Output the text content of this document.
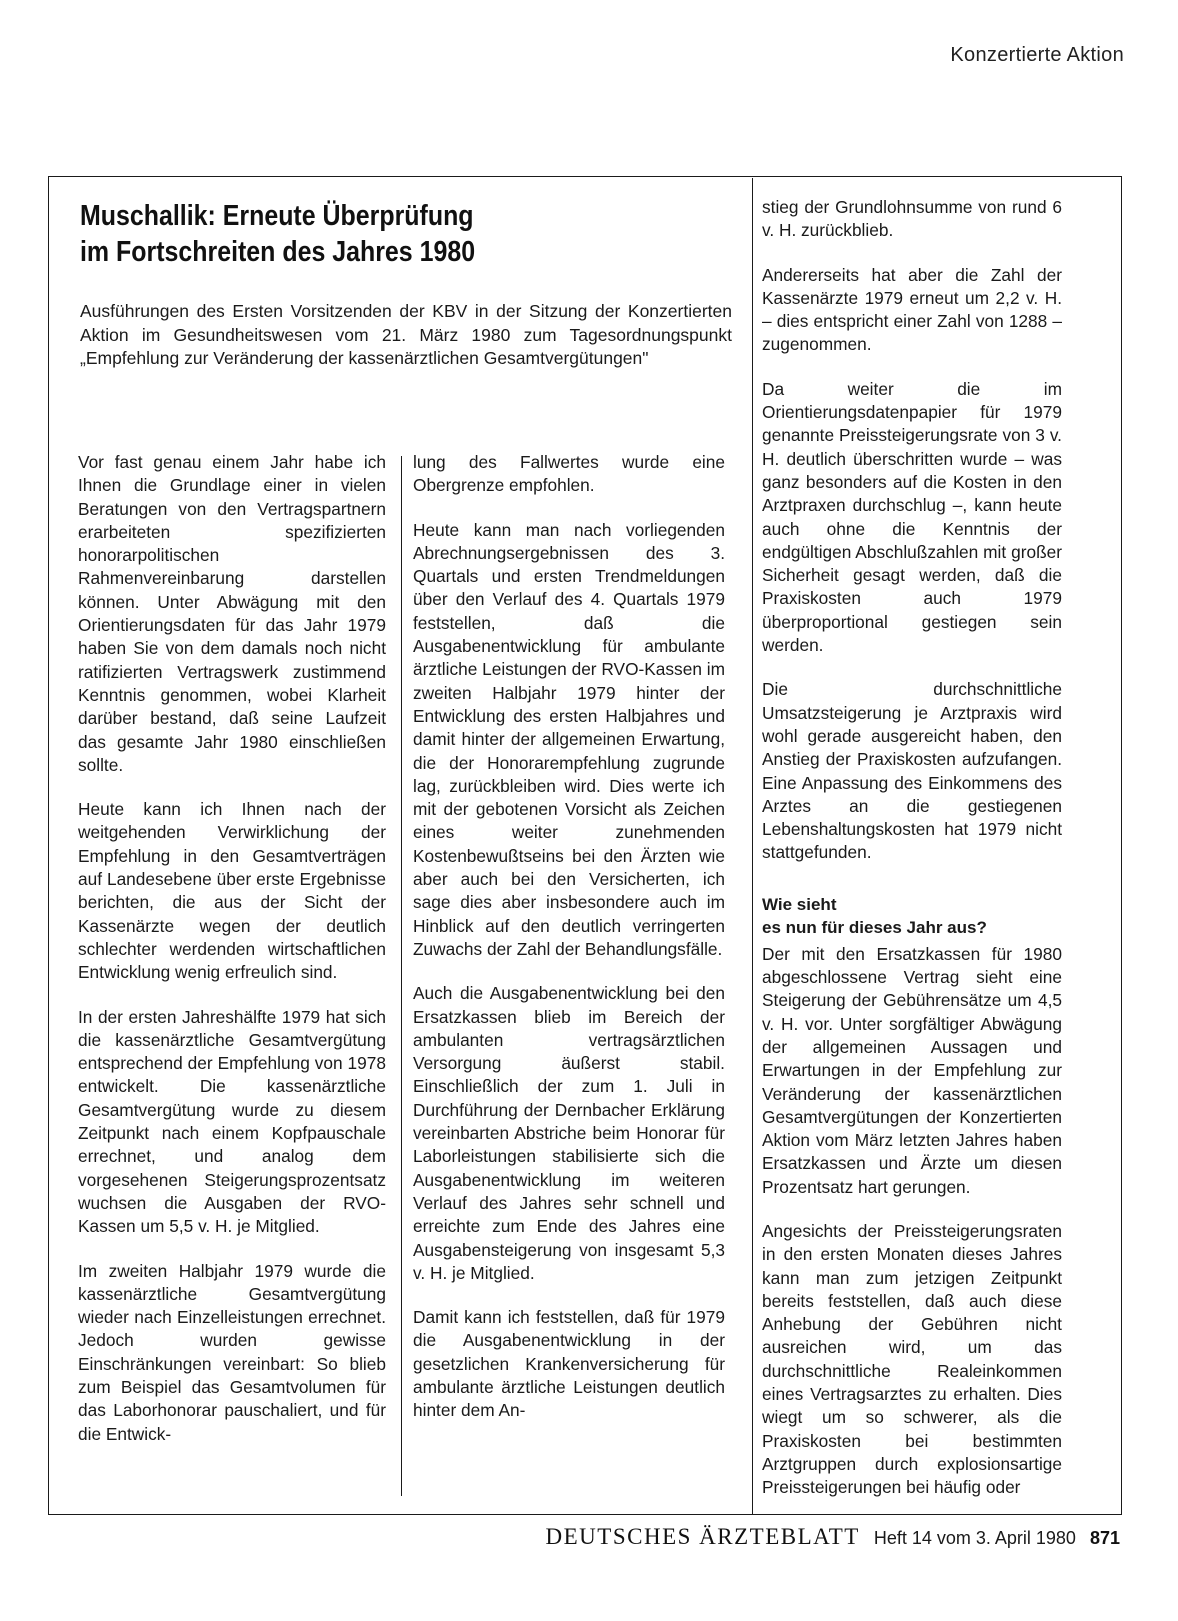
Konzertierte Aktion
Muschallik: Erneute Überprüfung
im Fortschreiten des Jahres 1980
Ausführungen des Ersten Vorsitzenden der KBV in der Sitzung der Konzertierten Aktion im Gesundheitswesen vom 21. März 1980 zum Tagesordnungspunkt „Empfehlung zur Veränderung der kassenärztlichen Gesamtvergütungen"

Vor fast genau einem Jahr habe ich Ihnen die Grundlage einer in vielen Beratungen von den Vertragspartnern erarbeiteten spezifizierten honorarpolitischen Rahmenvereinbarung darstellen können. Unter Abwägung mit den Orientierungsdaten für das Jahr 1979 haben Sie von dem damals noch nicht ratifizierten Vertragswerk zustimmend Kenntnis genommen, wobei Klarheit darüber bestand, daß seine Laufzeit das gesamte Jahr 1980 einschließen sollte.

Heute kann ich Ihnen nach der weitgehenden Verwirklichung der Empfehlung in den Gesamtverträgen auf Landesebene über erste Ergebnisse berichten, die aus der Sicht der Kassenärzte wegen der deutlich schlechter werdenden wirtschaftlichen Entwicklung wenig erfreulich sind.

In der ersten Jahreshälfte 1979 hat sich die kassenärztliche Gesamtvergütung entsprechend der Empfehlung von 1978 entwickelt. Die kassenärztliche Gesamtvergütung wurde zu diesem Zeitpunkt nach einem Kopfpauschale errechnet, und analog dem vorgesehenen Steigerungsprozentsatz wuchsen die Ausgaben der RVO-Kassen um 5,5 v. H. je Mitglied.

Im zweiten Halbjahr 1979 wurde die kassenärztliche Gesamtvergütung wieder nach Einzelleistungen errechnet. Jedoch wurden gewisse Einschränkungen vereinbart: So blieb zum Beispiel das Gesamtvolumen für das Laborhonorar pauschaliert, und für die Entwick-

lung des Fallwertes wurde eine Obergrenze empfohlen.

Heute kann man nach vorliegenden Abrechnungsergebnissen des 3. Quartals und ersten Trendmeldungen über den Verlauf des 4. Quartals 1979 feststellen, daß die Ausgabenentwicklung für ambulante ärztliche Leistungen der RVO-Kassen im zweiten Halbjahr 1979 hinter der Entwicklung des ersten Halbjahres und damit hinter der allgemeinen Erwartung, die der Honorarempfehlung zugrunde lag, zurückbleiben wird. Dies werte ich mit der gebotenen Vorsicht als Zeichen eines weiter zunehmenden Kostenbewußtseins bei den Ärzten wie aber auch bei den Versicherten, ich sage dies aber insbesondere auch im Hinblick auf den deutlich verringerten Zuwachs der Zahl der Behandlungsfälle.

Auch die Ausgabenentwicklung bei den Ersatzkassen blieb im Bereich der ambulanten vertragsärztlichen Versorgung äußerst stabil. Einschließlich der zum 1. Juli in Durchführung der Dernbacher Erklärung vereinbarten Abstriche beim Honorar für Laborleistungen stabilisierte sich die Ausgabenentwicklung im weiteren Verlauf des Jahres sehr schnell und erreichte zum Ende des Jahres eine Ausgabensteigerung von insgesamt 5,3 v. H. je Mitglied.

Damit kann ich feststellen, daß für 1979 die Ausgabenentwicklung in der gesetzlichen Krankenversicherung für ambulante ärztliche Leistungen deutlich hinter dem An-

stieg der Grundlohnsumme von rund 6 v. H. zurückblieb.

Andererseits hat aber die Zahl der Kassenärzte 1979 erneut um 2,2 v. H. – dies entspricht einer Zahl von 1288 – zugenommen.

Da weiter die im Orientierungsdatenpapier für 1979 genannte Preissteigerungsrate von 3 v. H. deutlich überschritten wurde – was ganz besonders auf die Kosten in den Arztpraxen durchschlug –, kann heute auch ohne die Kenntnis der endgültigen Abschlußzahlen mit großer Sicherheit gesagt werden, daß die Praxiskosten auch 1979 überproportional gestiegen sein werden.

Die durchschnittliche Umsatzsteigerung je Arztpraxis wird wohl gerade ausgereicht haben, den Anstieg der Praxiskosten aufzufangen. Eine Anpassung des Einkommens des Arztes an die gestiegenen Lebenshaltungskosten hat 1979 nicht stattgefunden.

Wie sieht
es nun für dieses Jahr aus?

Der mit den Ersatzkassen für 1980 abgeschlossene Vertrag sieht eine Steigerung der Gebührensätze um 4,5 v. H. vor. Unter sorgfältiger Abwägung der allgemeinen Aussagen und Erwartungen in der Empfehlung zur Veränderung der kassenärztlichen Gesamtvergütungen der Konzertierten Aktion vom März letzten Jahres haben Ersatzkassen und Ärzte um diesen Prozentsatz hart gerungen.

Angesichts der Preissteigerungsraten in den ersten Monaten dieses Jahres kann man zum jetzigen Zeitpunkt bereits feststellen, daß auch diese Anhebung der Gebühren nicht ausreichen wird, um das durchschnittliche Realeinkommen eines Vertragsarztes zu erhalten. Dies wiegt um so schwerer, als die Praxiskosten bei bestimmten Arztgruppen durch explosionsartige Preissteigerungen bei häufig oder

DEUTSCHES ÄRZTEBLATT Heft 14 vom 3. April 1980 871
